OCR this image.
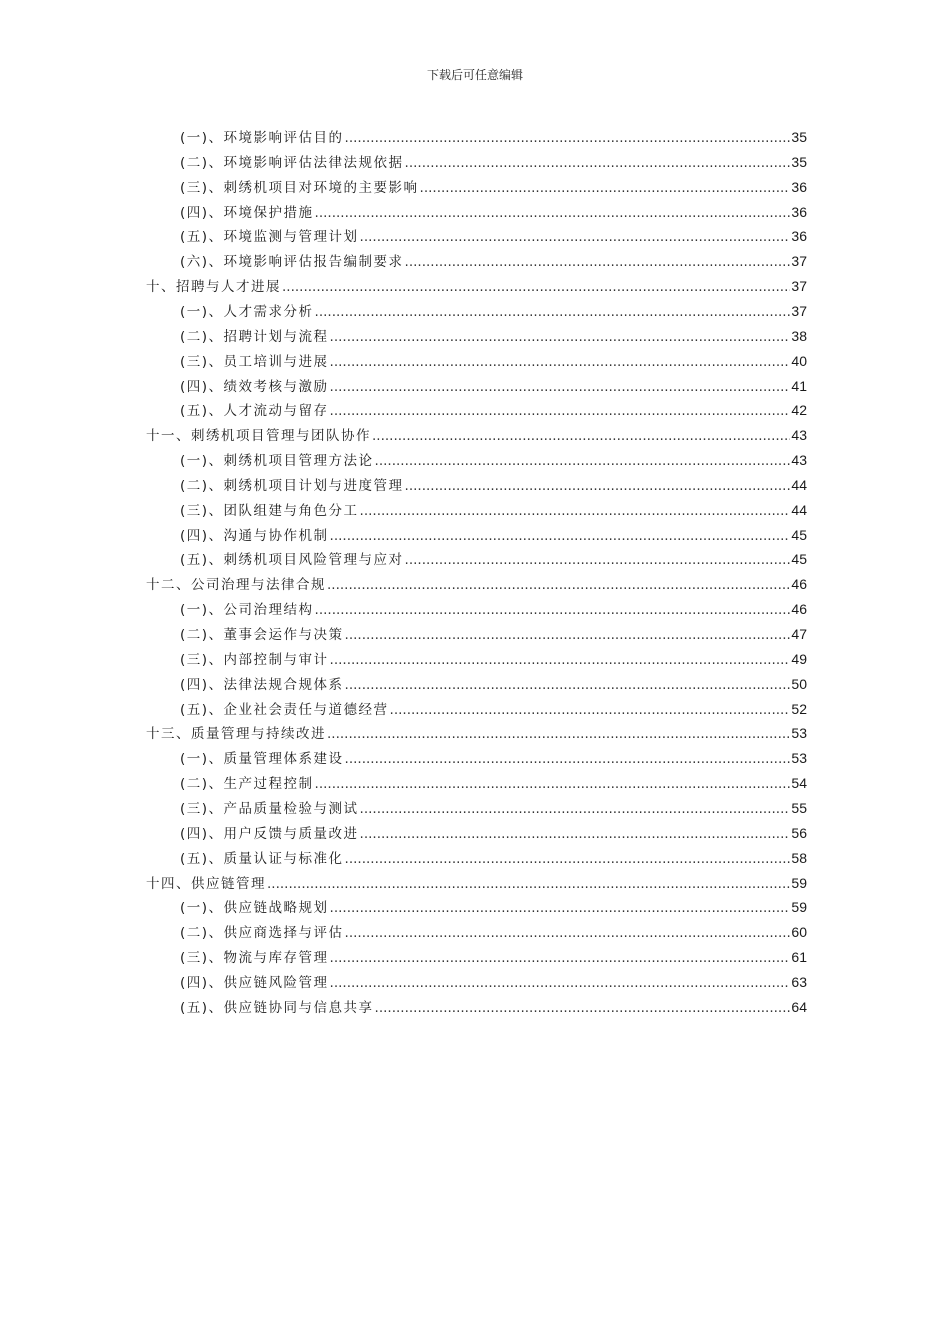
下载后可任意编辑
(一)、环境影响评估目的 .....	35
(二)、环境影响评估法律法规依据 .....	35
(三)、刺绣机项目对环境的主要影响 .....	36
(四)、环境保护措施 .....	36
(五)、环境监测与管理计划 .....	36
(六)、环境影响评估报告编制要求 .....	37
十、招聘与人才进展 .....	37
(一)、人才需求分析 .....	37
(二)、招聘计划与流程 .....	38
(三)、员工培训与进展 .....	40
(四)、绩效考核与激励 .....	41
(五)、人才流动与留存 .....	42
十一、刺绣机项目管理与团队协作 .....	43
(一)、刺绣机项目管理方法论 .....	43
(二)、刺绣机项目计划与进度管理 .....	44
(三)、团队组建与角色分工 .....	44
(四)、沟通与协作机制 .....	45
(五)、刺绣机项目风险管理与应对 .....	45
十二、公司治理与法律合规 .....	46
(一)、公司治理结构 .....	46
(二)、董事会运作与决策 .....	47
(三)、内部控制与审计 .....	49
(四)、法律法规合规体系 .....	50
(五)、企业社会责任与道德经营 .....	52
十三、质量管理与持续改进 .....	53
(一)、质量管理体系建设 .....	53
(二)、生产过程控制 .....	54
(三)、产品质量检验与测试 .....	55
(四)、用户反馈与质量改进 .....	56
(五)、质量认证与标准化 .....	58
十四、供应链管理 .....	59
(一)、供应链战略规划 .....	59
(二)、供应商选择与评估 .....	60
(三)、物流与库存管理 .....	61
(四)、供应链风险管理 .....	63
(五)、供应链协同与信息共享 .....	64
